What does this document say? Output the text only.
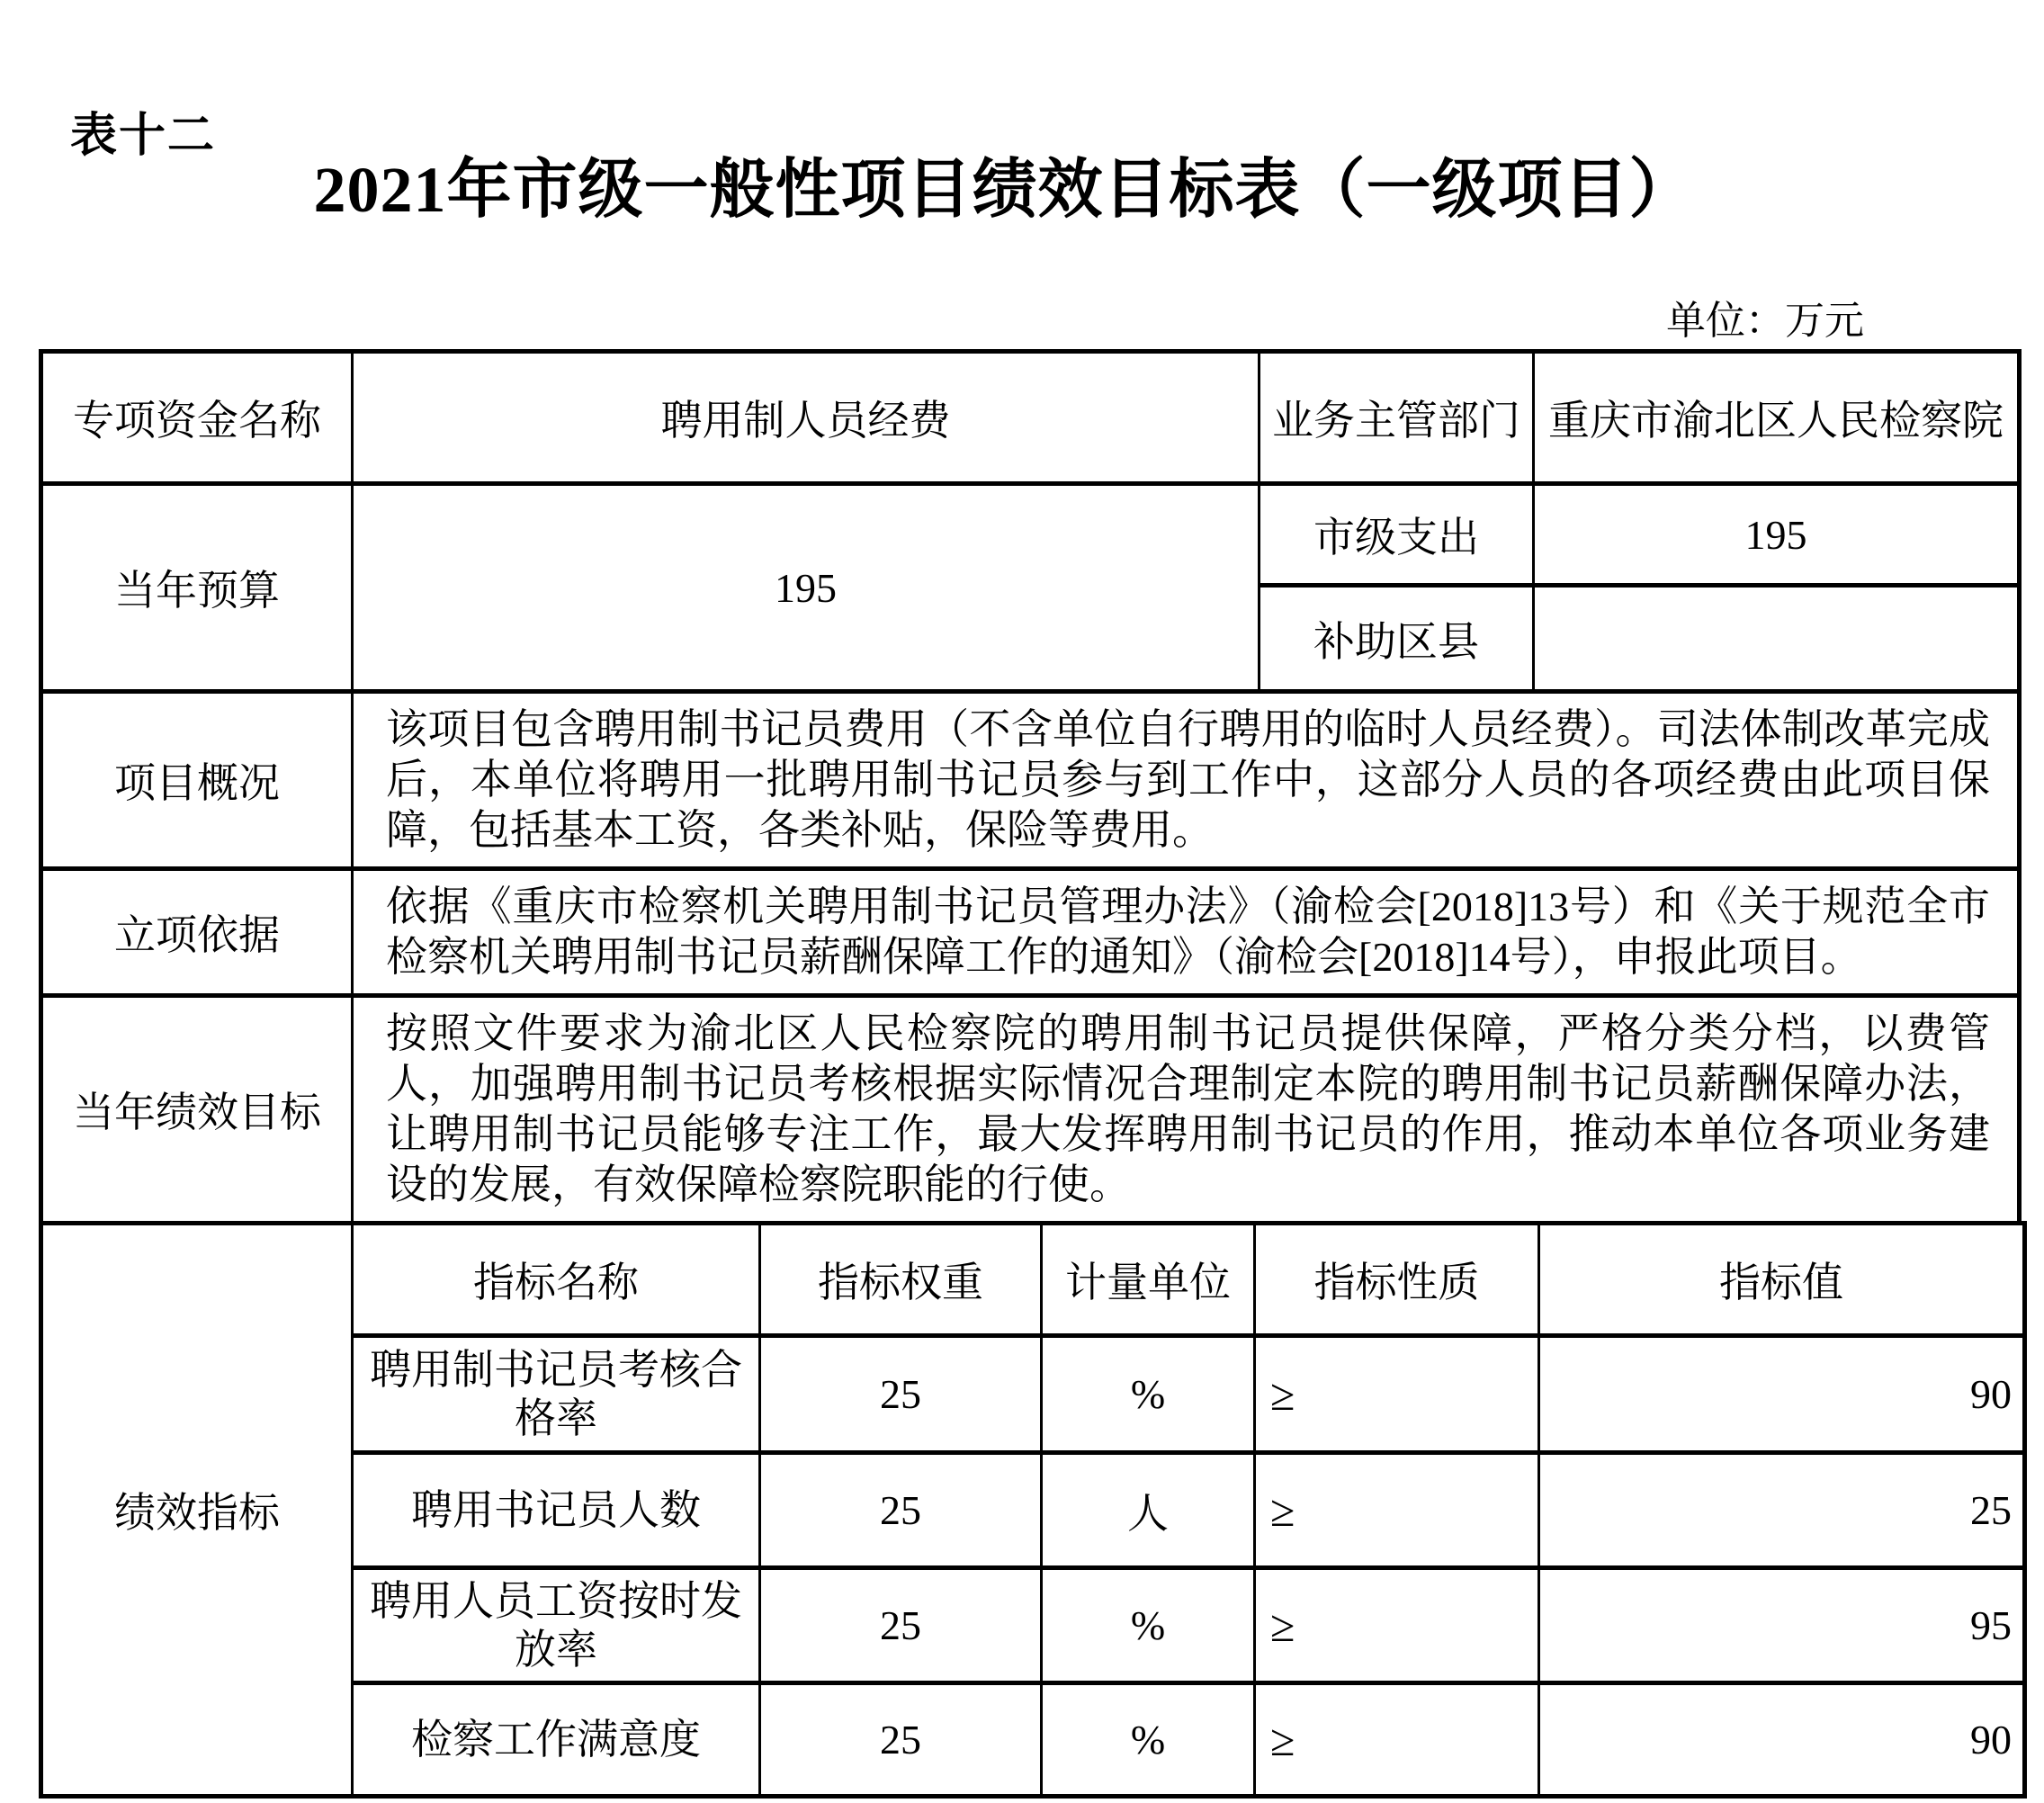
表十二
2021年市级一般性项目绩效目标表（一级项目）
单位：万元
专项资金名称	聘用制人员经费	业务主管部门	重庆市渝北区人民检察院
当年预算	195	市级支出	195
		补助区县	
项目概况	该项目包含聘用制书记员费用（不含单位自行聘用的临时人员经费）。司法体制改革完成后，本单位将聘用一批聘用制书记员参与到工作中，这部分人员的各项经费由此项目保障，包括基本工资，各类补贴，保险等费用。		
立项依据	依据《重庆市检察机关聘用制书记员管理办法》（渝检会[2018]13号）和《关于规范全市检察机关聘用制书记员薪酬保障工作的通知》（渝检会[2018]14号），申报此项目。		
当年绩效目标	按照文件要求为渝北区人民检察院的聘用制书记员提供保障，严格分类分档，以费管人，加强聘用制书记员考核根据实际情况合理制定本院的聘用制书记员薪酬保障办法，让聘用制书记员能够专注工作，最大发挥聘用制书记员的作用，推动本单位各项业务建设的发展，有效保障检察院职能的行使。		
绩效指标	指标名称	指标权重	计量单位	指标性质	指标值
	聘用制书记员考核合格率	25	%	≥	90
	聘用书记员人数	25	人	≥	25
	聘用人员工资按时发放率	25	%	≥	95
	检察工作满意度	25	%	≥	90
